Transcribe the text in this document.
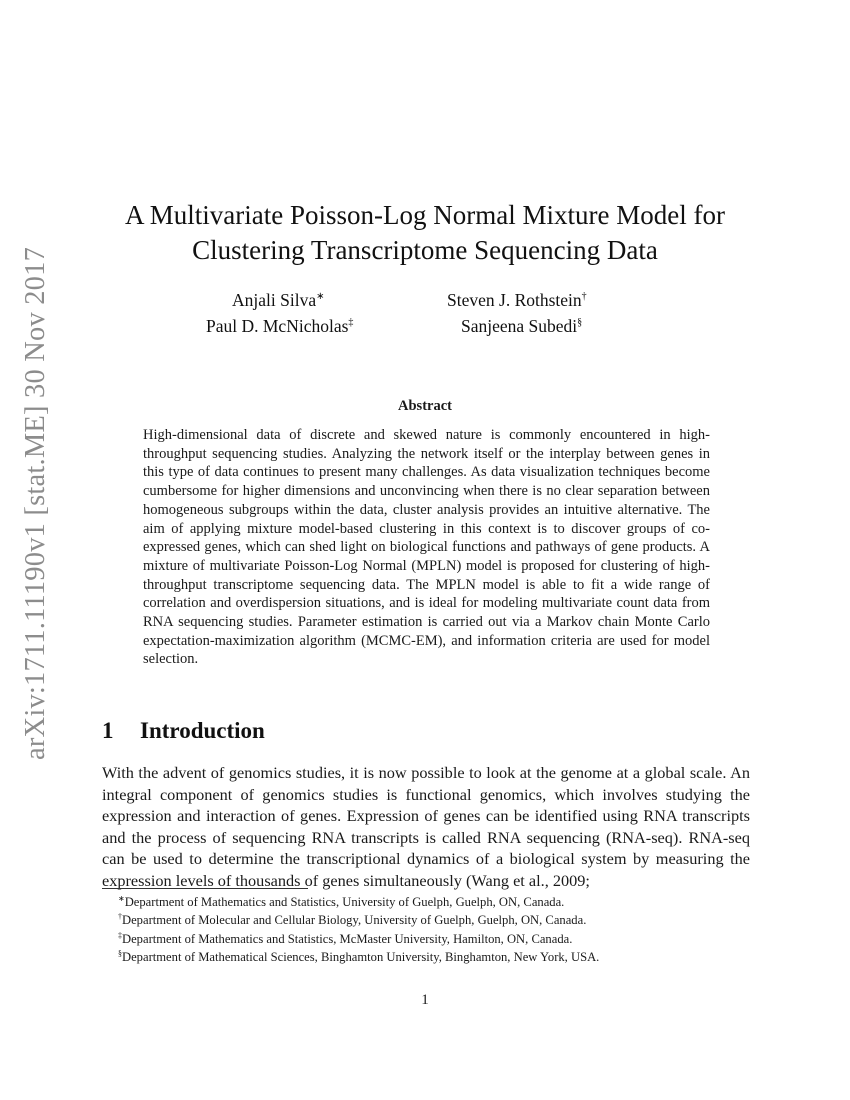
arXiv:1711.11190v1 [stat.ME] 30 Nov 2017
A Multivariate Poisson-Log Normal Mixture Model for
Clustering Transcriptome Sequencing Data
Anjali Silva∗	Steven J. Rothstein†
Paul D. McNicholas‡	Sanjeena Subedi§
Abstract
High-dimensional data of discrete and skewed nature is commonly encountered in high-throughput sequencing studies. Analyzing the network itself or the interplay between genes in this type of data continues to present many challenges. As data visualization techniques become cumbersome for higher dimensions and unconvincing when there is no clear separation between homogeneous subgroups within the data, cluster analysis provides an intuitive alternative. The aim of applying mixture model-based clustering in this context is to discover groups of co-expressed genes, which can shed light on biological functions and pathways of gene products. A mixture of multivariate Poisson-Log Normal (MPLN) model is proposed for clustering of high-throughput transcriptome sequencing data. The MPLN model is able to fit a wide range of correlation and overdispersion situations, and is ideal for modeling multivariate count data from RNA sequencing studies. Parameter estimation is carried out via a Markov chain Monte Carlo expectation-maximization algorithm (MCMC-EM), and information criteria are used for model selection.
1 Introduction
With the advent of genomics studies, it is now possible to look at the genome at a global scale. An integral component of genomics studies is functional genomics, which involves studying the expression and interaction of genes. Expression of genes can be identified using RNA transcripts and the process of sequencing RNA transcripts is called RNA sequencing (RNA-seq). RNA-seq can be used to determine the transcriptional dynamics of a biological system by measuring the expression levels of thousands of genes simultaneously (Wang et al., 2009;
∗Department of Mathematics and Statistics, University of Guelph, Guelph, ON, Canada.
†Department of Molecular and Cellular Biology, University of Guelph, Guelph, ON, Canada.
‡Department of Mathematics and Statistics, McMaster University, Hamilton, ON, Canada.
§Department of Mathematical Sciences, Binghamton University, Binghamton, New York, USA.
1
